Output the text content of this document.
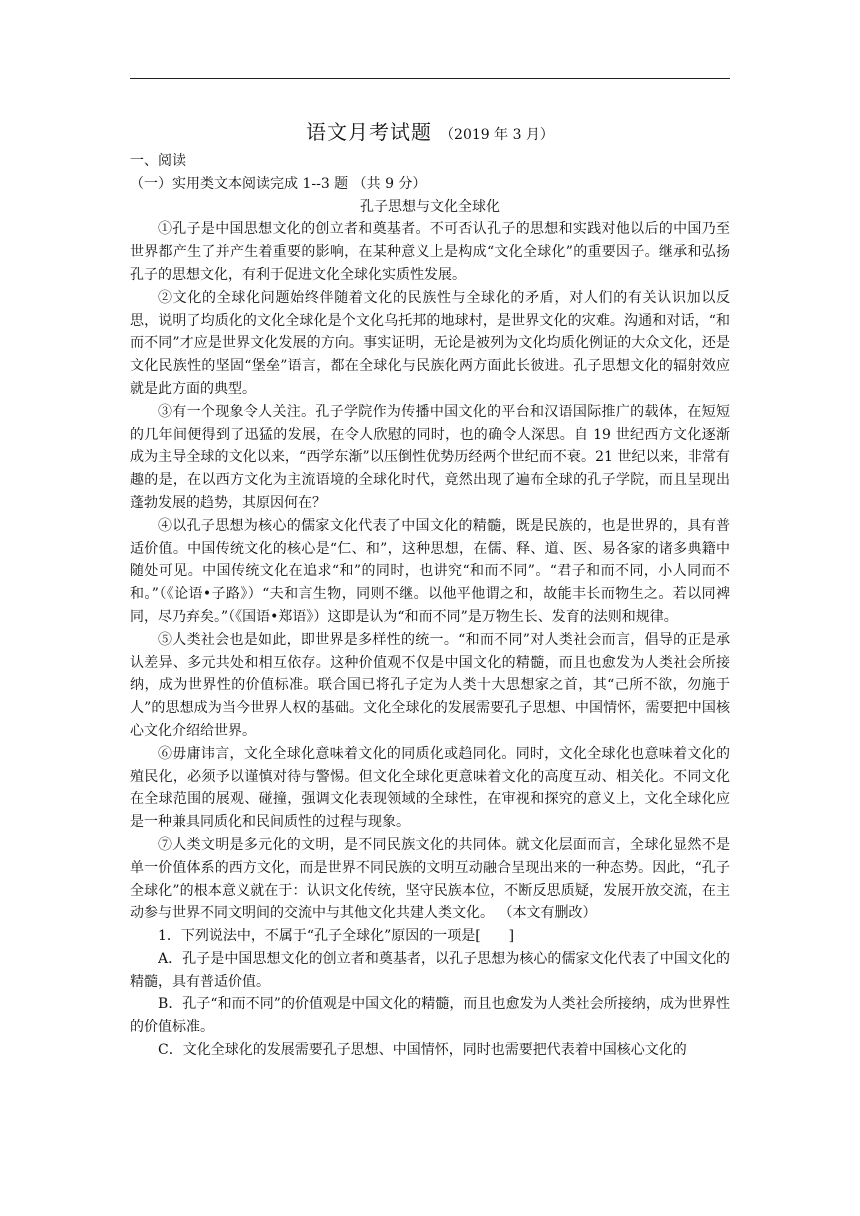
语文月考试题 （2019 年 3 月）

一、阅读

（一）实用类文本阅读完成 1--3 题 （共 9 分）

孔子思想与文化全球化

①孔子是中国思想文化的创立者和奠基者。不可否认孔子的思想和实践对他以后的中国乃至世界都产生了并产生着重要的影响，在某种意义上是构成“文化全球化”的重要因子。继承和弘扬孔子的思想文化，有利于促进文化全球化实质性发展。

②文化的全球化问题始终伴随着文化的民族性与全球化的矛盾，对人们的有关认识加以反思，说明了均质化的文化全球化是个文化乌托邦的地球村，是世界文化的灾难。沟通和对话，“和而不同”才应是世界文化发展的方向。事实证明，无论是被列为文化均质化例证的大众文化，还是文化民族性的坚固“堡垒”语言，都在全球化与民族化两方面此长彼进。孔子思想文化的辐射效应就是此方面的典型。

③有一个现象令人关注。孔子学院作为传播中国文化的平台和汉语国际推广的载体，在短短的几年间便得到了迅猛的发展，在令人欣慰的同时，也的确令人深思。自 19 世纪西方文化逐渐成为主导全球的文化以来，“西学东渐”以压倒性优势历经两个世纪而不衰。21 世纪以来，非常有趣的是，在以西方文化为主流语境的全球化时代，竟然出现了遍布全球的孔子学院，而且呈现出蓬勃发展的趋势，其原因何在？

④以孔子思想为核心的儒家文化代表了中国文化的精髓，既是民族的，也是世界的，具有普适价值。中国传统文化的核心是“仁、和”，这种思想，在儒、释、道、医、易各家的诸多典籍中随处可见。中国传统文化在追求“和”的同时，也讲究“和而不同”。“君子和而不同，小人同而不和。”（《论语•子路》）“夫和言生物，同则不继。以他平他谓之和，故能丰长而物生之。若以同裨同，尽乃弃矣。”（《国语•郑语》）这即是认为“和而不同”是万物生长、发育的法则和规律。

⑤人类社会也是如此，即世界是多样性的统一。“和而不同”对人类社会而言，倡导的正是承认差异、多元共处和相互依存。这种价值观不仅是中国文化的精髓，而且也愈发为人类社会所接纳，成为世界性的价值标准。联合国已将孔子定为人类十大思想家之首，其“己所不欲，勿施于人”的思想成为当今世界人权的基础。文化全球化的发展需要孔子思想、中国情怀，需要把中国核心文化介绍给世界。

⑥毋庸讳言，文化全球化意味着文化的同质化或趋同化。同时，文化全球化也意味着文化的殖民化，必须予以谨慎对待与警惕。但文化全球化更意味着文化的高度互动、相关化。不同文化在全球范围的展观、碰撞，强调文化表现领域的全球性，在审视和探究的意义上，文化全球化应是一种兼具同质化和民间质性的过程与现象。

⑦人类文明是多元化的文明，是不同民族文化的共同体。就文化层面而言，全球化显然不是单一价值体系的西方文化，而是世界不同民族的文明互动融合呈现出来的一种态势。因此，“孔子全球化”的根本意义就在于：认识文化传统，坚守民族本位，不断反思质疑，发展开放交流，在主动参与世界不同文明间的交流中与其他文化共建人类文化。 （本文有删改）

1．下列说法中，不属于“孔子全球化”原因的一项是[　　]

A．孔子是中国思想文化的创立者和奠基者，以孔子思想为核心的儒家文化代表了中国文化的精髓，具有普适价值。

B．孔子“和而不同”的价值观是中国文化的精髓，而且也愈发为人类社会所接纳，成为世界性的价值标准。

C．文化全球化的发展需要孔子思想、中国情怀，同时也需要把代表着中国核心文化的
